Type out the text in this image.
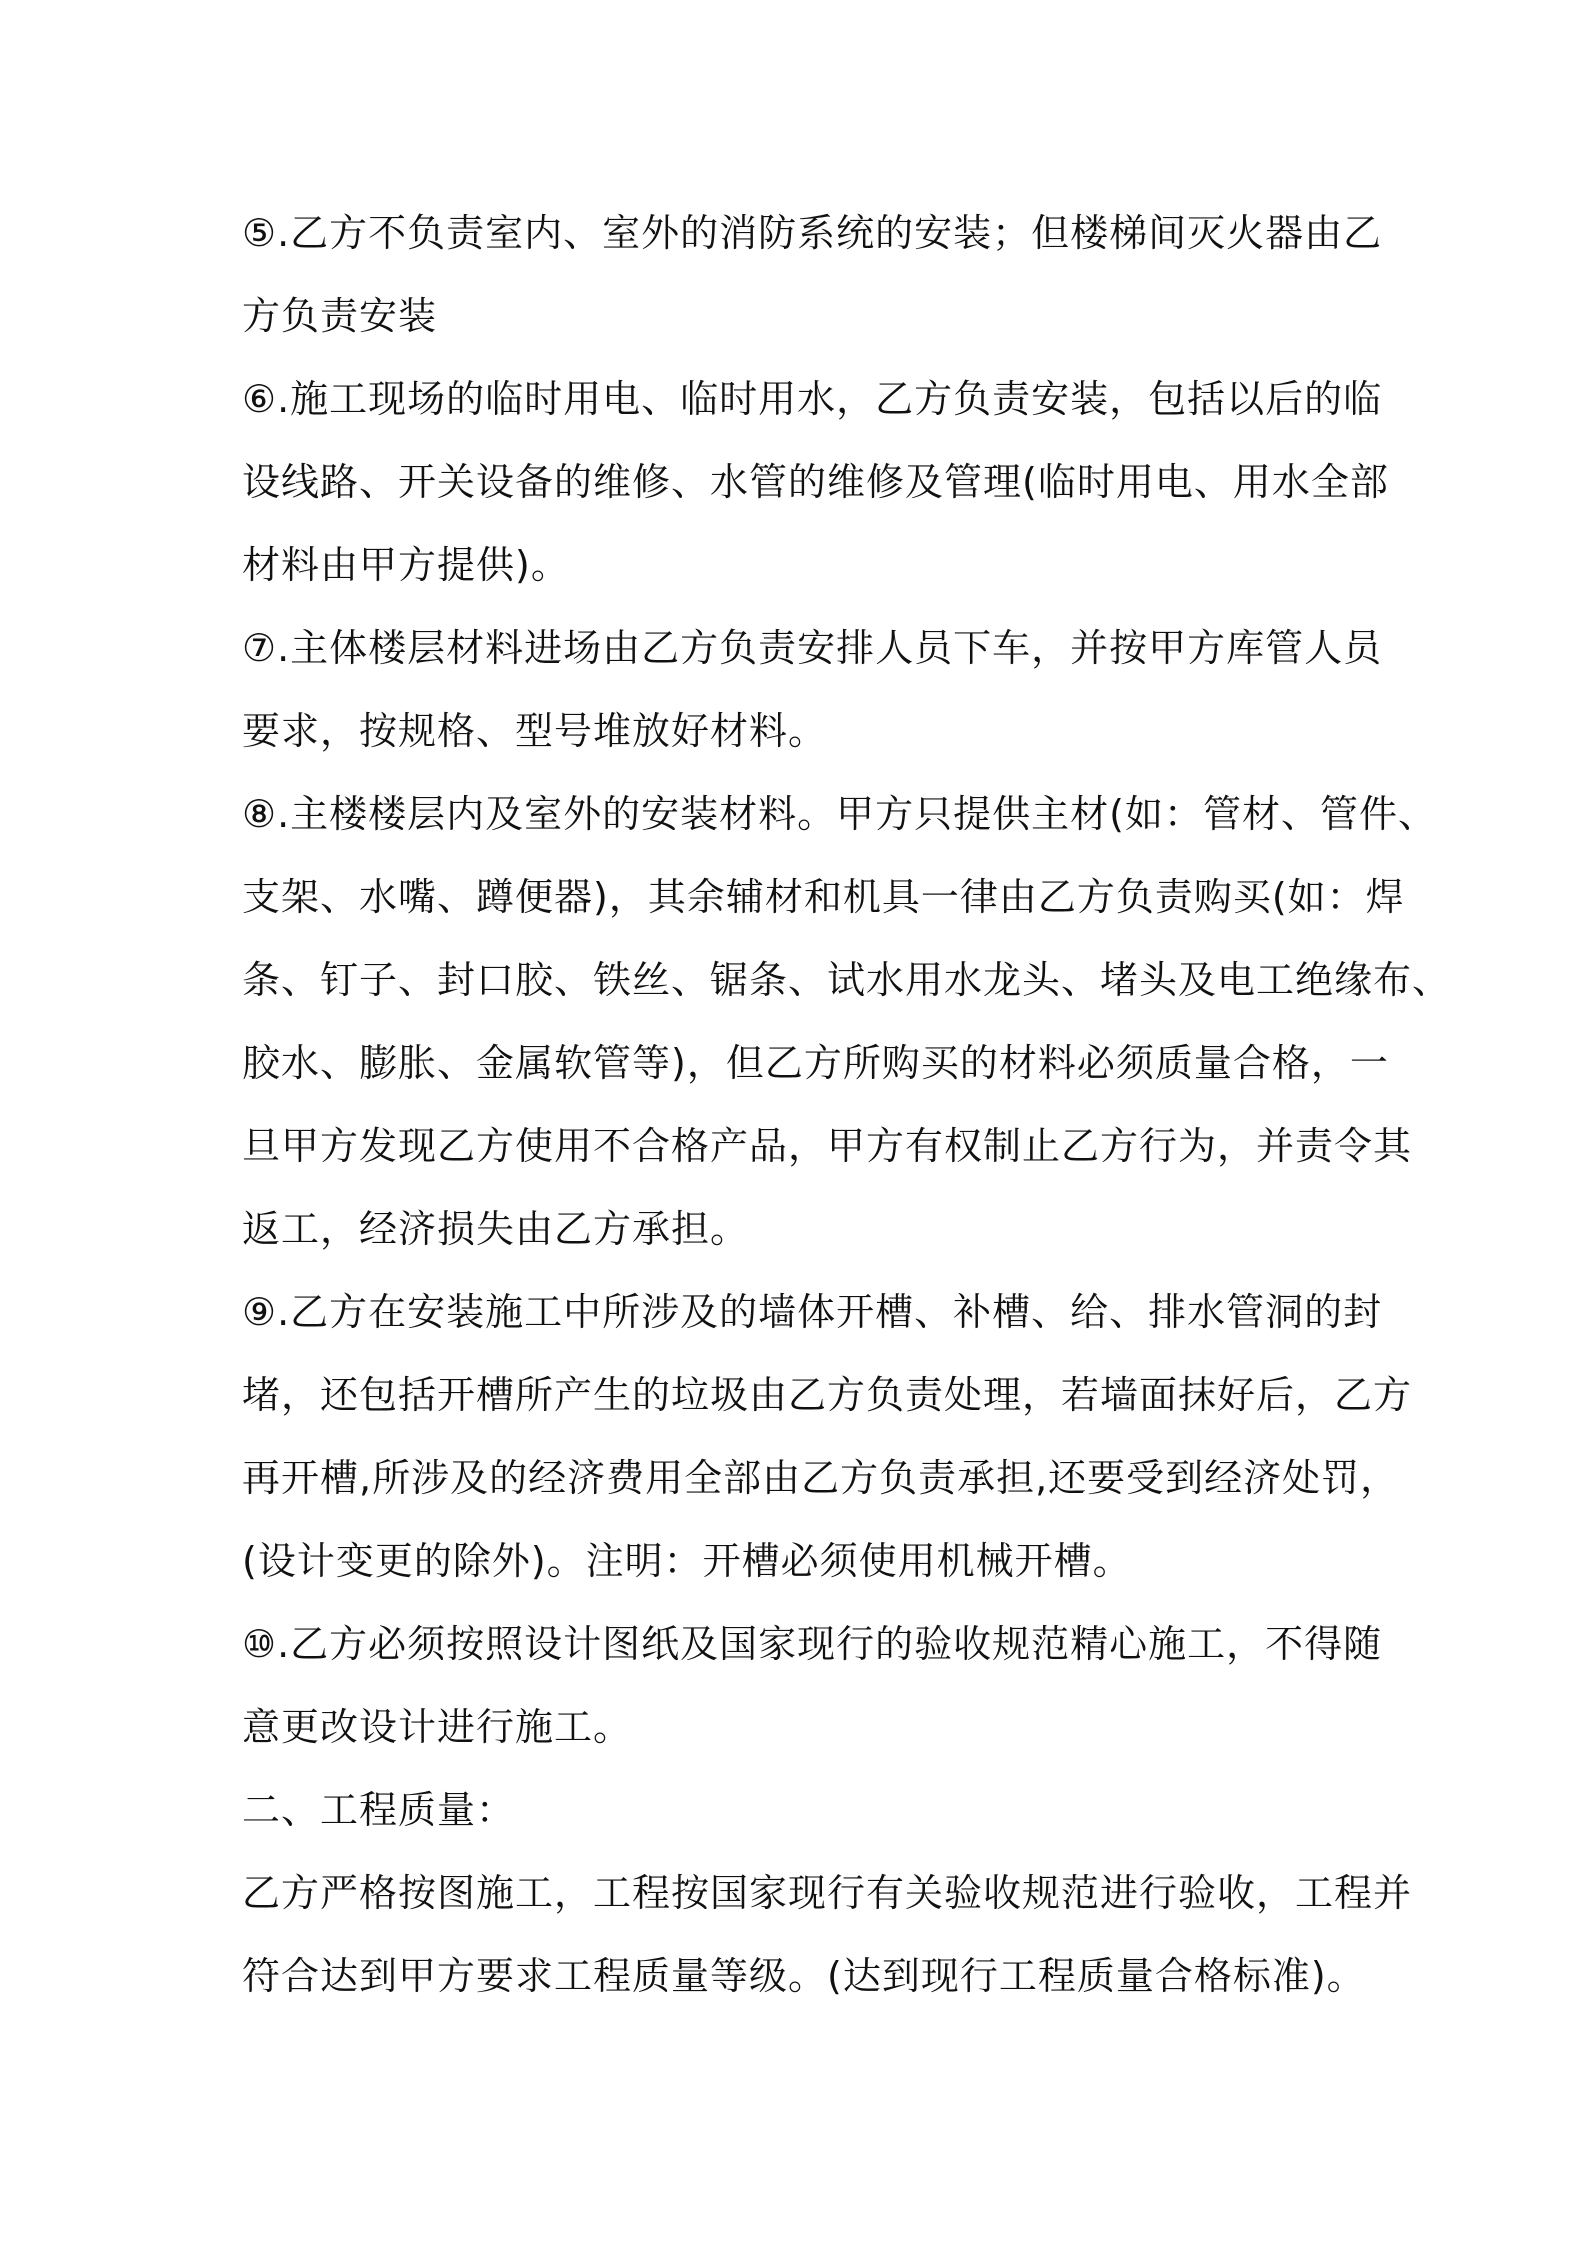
⑤.乙方不负责室内、室外的消防系统的安装；但楼梯间灭火器由乙
方负责安装

⑥.施工现场的临时用电、临时用水，乙方负责安装，包括以后的临
设线路、开关设备的维修、水管的维修及管理(临时用电、用水全部
材料由甲方提供)。

⑦.主体楼层材料进场由乙方负责安排人员下车，并按甲方库管人员
要求，按规格、型号堆放好材料。

⑧.主楼楼层内及室外的安装材料。甲方只提供主材(如：管材、管件、
支架、水嘴、蹲便器)，其余辅材和机具一律由乙方负责购买(如：焊
条、钉子、封口胶、铁丝、锯条、试水用水龙头、堵头及电工绝缘布、
胶水、膨胀、金属软管等)，但乙方所购买的材料必须质量合格，一
旦甲方发现乙方使用不合格产品，甲方有权制止乙方行为，并责令其
返工，经济损失由乙方承担。

⑨.乙方在安装施工中所涉及的墙体开槽、补槽、给、排水管洞的封
堵，还包括开槽所产生的垃圾由乙方负责处理，若墙面抹好后，乙方
再开槽,所涉及的经济费用全部由乙方负责承担,还要受到经济处罚，
(设计变更的除外)。注明：开槽必须使用机械开槽。

⑩.乙方必须按照设计图纸及国家现行的验收规范精心施工，不得随
意更改设计进行施工。

二、工程质量：

乙方严格按图施工，工程按国家现行有关验收规范进行验收，工程并
符合达到甲方要求工程质量等级。(达到现行工程质量合格标准)。
